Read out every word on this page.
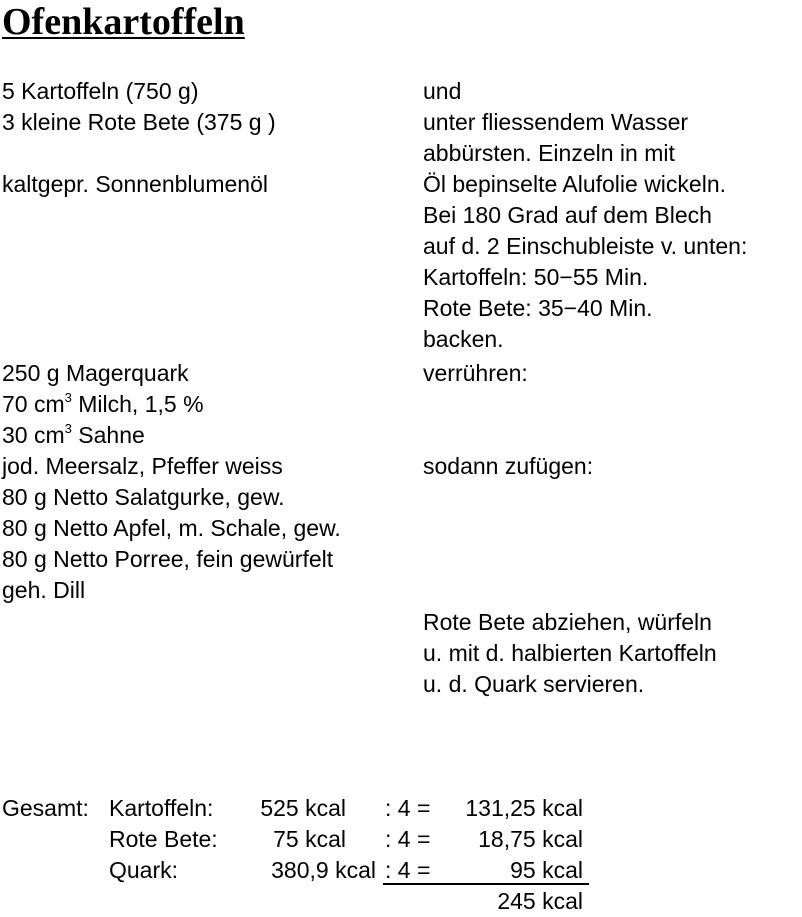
Ofenkartoffeln
5 Kartoffeln (750 g)	und
3 kleine Rote Bete (375 g )	unter fliessendem Wasser
abbürsten. Einzeln in mit
kaltgepr. Sonnenblumenöl	Öl bepinselte Alufolie wickeln.
Bei 180 Grad auf dem Blech
auf d. 2 Einschubleiste v. unten:
Kartoffeln: 50−55 Min.
Rote Bete: 35−40 Min.
backen.
250 g Magerquark	verrühren:
70 $cm^3$ Milch, 1,5 %
30 $cm^3$ Sahne
jod. Meersalz, Pfeffer weiss	sodann zufügen:
80 g Netto Salatgurke, gew.
80 g Netto Apfel, m. Schale, gew.
80 g Netto Porree, fein gewürfelt
geh. Dill
Rote Bete abziehen, würfeln
u. mit d. halbierten Kartoffeln
u. d. Quark servieren.
Gesamt: Kartoffeln:	525 kcal : 4 =	131,25 kcal
Rote Bete:	75 kcal : 4 =	18,75 kcal
Quark:	380,9 kcal : 4 =	95 kcal
245 kcal
